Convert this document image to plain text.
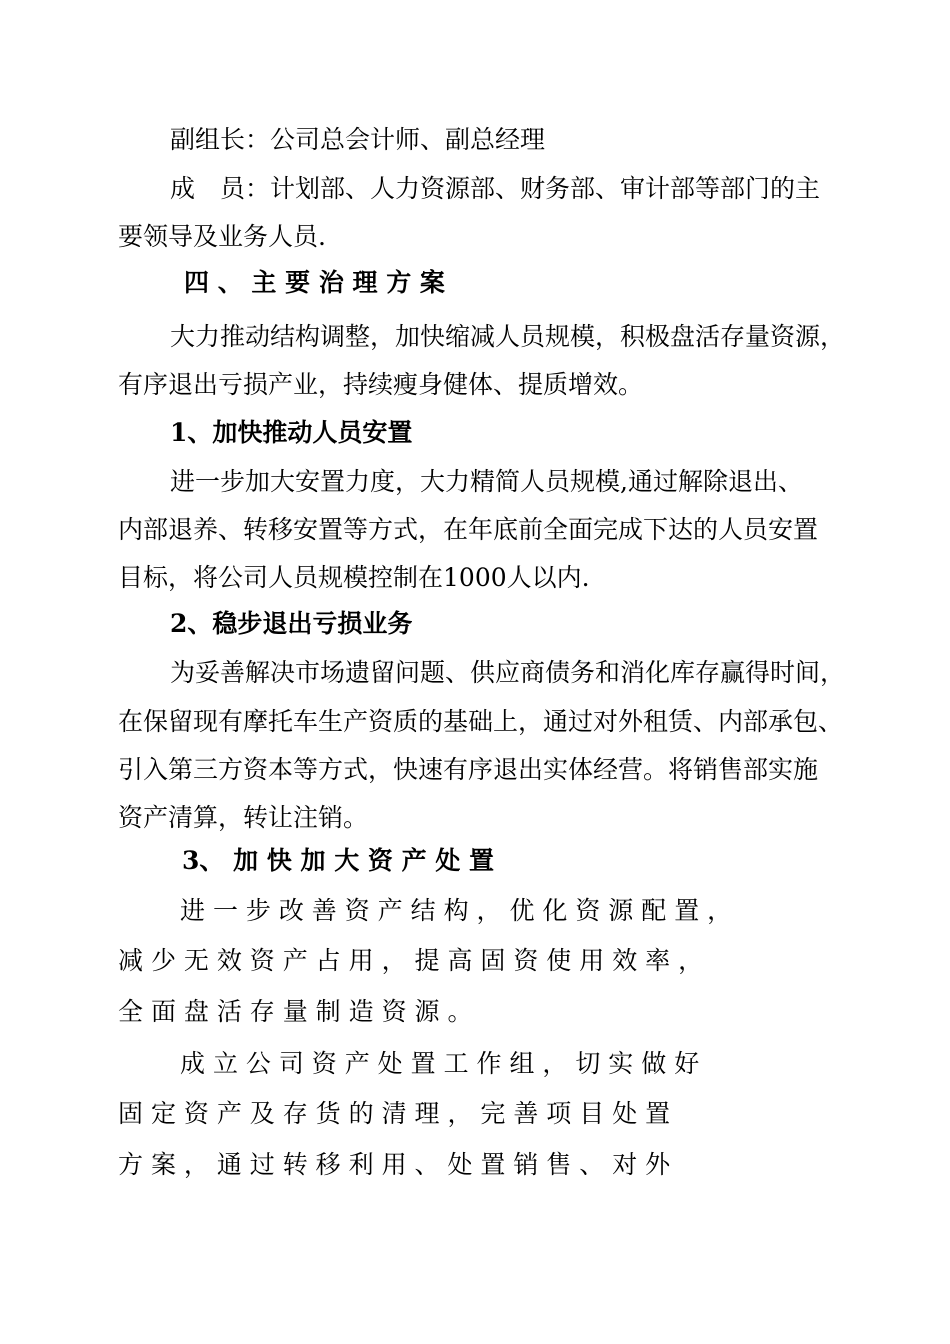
副组长：公司总会计师、副总经理

成　员：计划部、人力资源部、财务部、审计部等部门的主

要领导及业务人员.

四 、 主 要 治 理 方 案

大力推动结构调整，加快缩减人员规模，积极盘活存量资源，

有序退出亏损产业，持续瘦身健体、提质增效。

1、加快推动人员安置

进一步加大安置力度，大力精简人员规模,通过解除退出、

内部退养、转移安置等方式，在年底前全面完成下达的人员安置

目标，将公司人员规模控制在1000人以内.

2、稳步退出亏损业务

为妥善解决市场遗留问题、供应商债务和消化库存赢得时间，

在保留现有摩托车生产资质的基础上，通过对外租赁、内部承包、

引入第三方资本等方式，快速有序退出实体经营。将销售部实施

资产清算，转让注销。

3、 加 快 加 大 资 产 处 置

进 一 步 改 善 资 产 结 构 ， 优 化 资 源 配 置 ，

减 少 无 效 资 产 占 用 ， 提 高 固 资 使 用 效 率 ，

全 面 盘 活 存 量 制 造 资 源 。

成 立 公 司 资 产 处 置 工 作 组 ， 切 实 做 好

固 定 资 产 及 存 货 的 清 理 ， 完 善 项 目 处 置

方 案 ， 通 过 转 移 利 用 、 处 置 销 售 、 对 外
